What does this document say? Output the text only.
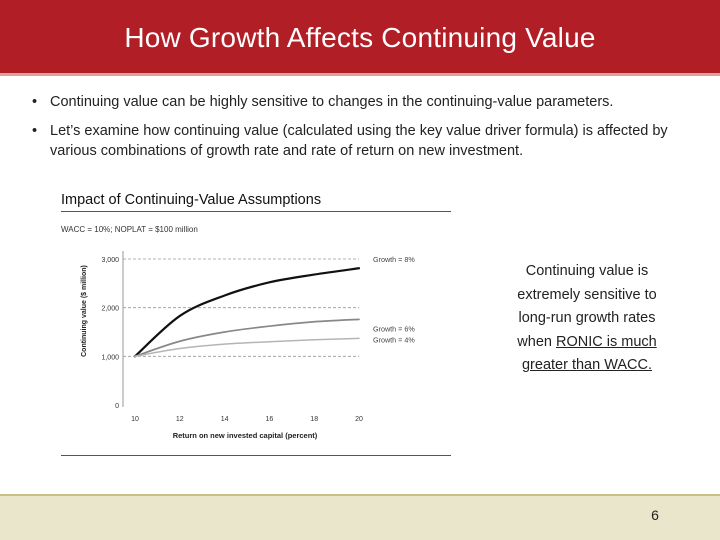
How Growth Affects Continuing Value
• Continuing value can be highly sensitive to changes in the continuing-value parameters.
• Let’s examine how continuing value (calculated using the key value driver formula) is affected by various combinations of growth rate and rate of return on new investment.
Impact of Continuing-Value Assumptions
WACC = 10%; NOPLAT = $100 million
0
1,000
2,000
3,000
10	12	14	16	18	20
Growth = 8%
Growth = 6%
Growth = 4%
Return on new invested capital (percent)
Continuing value ($ million)	Continuing value is extremely sensitive to long-run growth rates when RONIC is much greater than WACC.
6
